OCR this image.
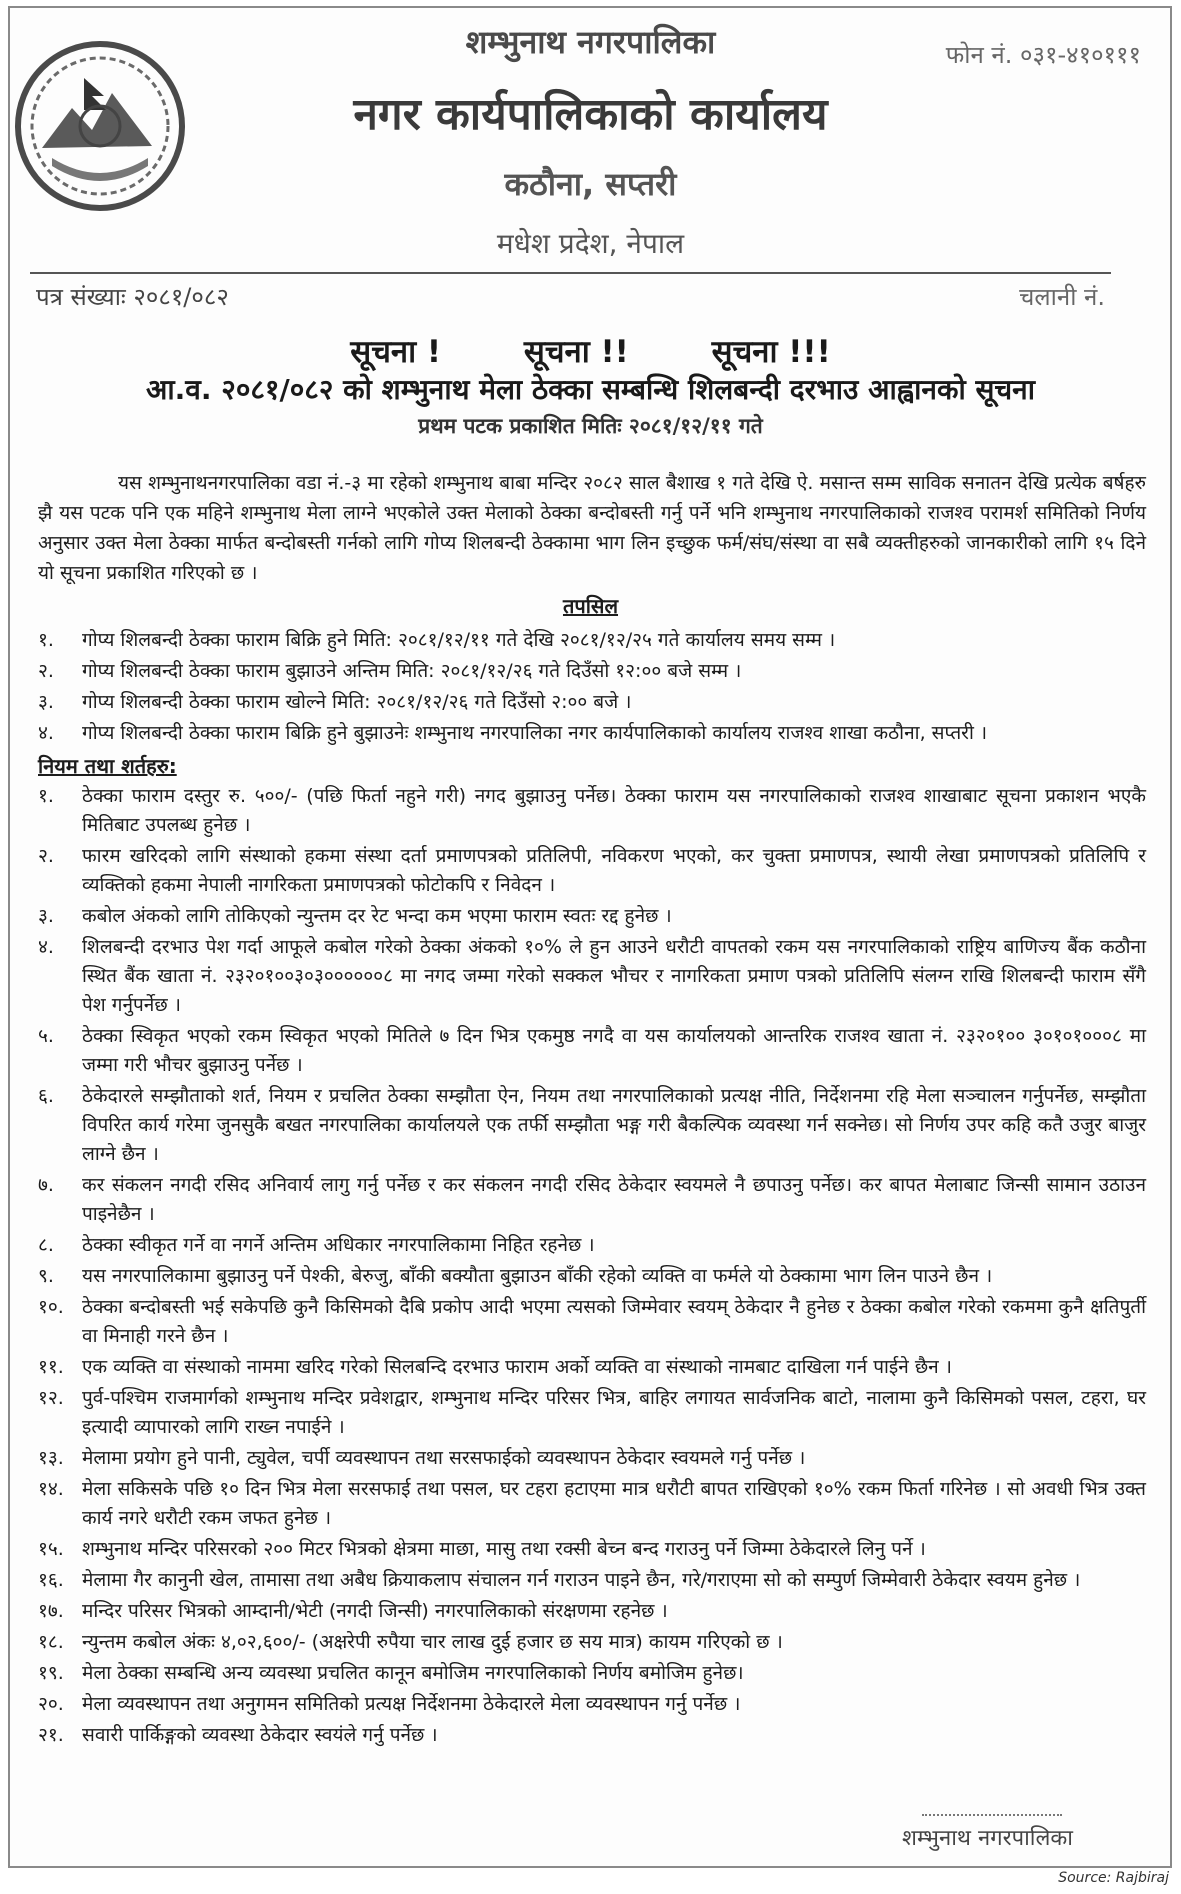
शम्भुनाथ नगरपालिका
नगर कार्यपालिकाको कार्यालय
कठौना, सप्तरी
मधेश प्रदेश, नेपाल
फोन नं. ०३१-४१०१११
पत्र संख्याः २०८१/०८२	चलानी नं.
सूचना !	सूचना !!	सूचना !!!
आ.व. २०८१/०८२ को शम्भुनाथ मेला ठेक्का सम्बन्धि शिलबन्दी दरभाउ आह्वानको सूचना
प्रथम पटक प्रकाशित मितिः २०८१/१२/११ गते
यस शम्भुनाथनगरपालिका वडा नं.-३ मा रहेको शम्भुनाथ बाबा मन्दिर २०८२ साल बैशाख १ गते देखि ऐ. मसान्त सम्म साविक सनातन देखि प्रत्येक बर्षहरु झै यस पटक पनि एक महिने शम्भुनाथ मेला लाग्ने भएकोले उक्त मेलाको ठेक्का बन्दोबस्ती गर्नु पर्ने भनि शम्भुनाथ नगरपालिकाको राजश्व परामर्श समितिको निर्णय अनुसार उक्त मेला ठेक्का मार्फत बन्दोबस्ती गर्नको लागि गोप्य शिलबन्दी ठेक्कामा भाग लिन इच्छुक फर्म/संघ/संस्था वा सबै व्यक्तीहरुको जानकारीको लागि १५ दिने यो सूचना प्रकाशित गरिएको छ ।
तपसिल
१.	गोप्य शिलबन्दी ठेक्का फाराम बिक्रि हुने मिति: २०८१/१२/११ गते देखि २०८१/१२/२५ गते कार्यालय समय सम्म ।
२.	गोप्य शिलबन्दी ठेक्का फाराम बुझाउने अन्तिम मिति: २०८१/१२/२६ गते दिउँसो १२:०० बजे सम्म ।
३.	गोप्य शिलबन्दी ठेक्का फाराम खोल्ने मिति: २०८१/१२/२६ गते दिउँसो २:०० बजे ।
४.	गोप्य शिलबन्दी ठेक्का फाराम बिक्रि हुने बुझाउनेः शम्भुनाथ नगरपालिका नगर कार्यपालिकाको कार्यालय राजश्व शाखा कठौना, सप्तरी ।
नियम तथा शर्तहरु:
१.	ठेक्का फाराम दस्तुर रु. ५००/- (पछि फिर्ता नहुने गरी) नगद बुझाउनु पर्नेछ। ठेक्का फाराम यस नगरपालिकाको राजश्व शाखाबाट सूचना प्रकाशन भएकै मितिबाट उपलब्ध हुनेछ ।
२.	फारम खरिदको लागि संस्थाको हकमा संस्था दर्ता प्रमाणपत्रको प्रतिलिपी, नविकरण भएको, कर चुक्ता प्रमाणपत्र, स्थायी लेखा प्रमाणपत्रको प्रतिलिपि र व्यक्तिको हकमा नेपाली नागरिकता प्रमाणपत्रको फोटोकपि र निवेदन ।
३.	कबोल अंकको लागि तोकिएको न्युन्तम दर रेट भन्दा कम भएमा फाराम स्वतः रद्द हुनेछ ।
४.	शिलबन्दी दरभाउ पेश गर्दा आफूले कबोल गरेको ठेक्का अंकको १०% ले हुन आउने धरौटी वापतको रकम यस नगरपालिकाको राष्ट्रिय बाणिज्य बैंक कठौना स्थित बैंक खाता नं. २३२०१००३०३००००००८ मा नगद जम्मा गरेको सक्कल भौचर र नागरिकता प्रमाण पत्रको प्रतिलिपि संलग्न राखि शिलबन्दी फाराम सँगै पेश गर्नुपर्नेछ ।
५.	ठेक्का स्विकृत भएको रकम स्विकृत भएको मितिले ७ दिन भित्र एकमुष्ठ नगदै वा यस कार्यालयको आन्तरिक राजश्व खाता नं. २३२०१०० ३०१०१०००८ मा जम्मा गरी भौचर बुझाउनु पर्नेछ ।
६.	ठेकेदारले सम्झौताको शर्त, नियम र प्रचलित ठेक्का सम्झौता ऐन, नियम तथा नगरपालिकाको प्रत्यक्ष नीति, निर्देशनमा रहि मेला सञ्चालन गर्नुपर्नेछ, सम्झौता विपरित कार्य गरेमा जुनसुकै बखत नगरपालिका कार्यालयले एक तर्फी सम्झौता भङ्ग गरी बैकल्पिक व्यवस्था गर्न सक्नेछ। सो निर्णय उपर कहि कतै उजुर बाजुर लाग्ने छैन ।
७.	कर संकलन नगदी रसिद अनिवार्य लागु गर्नु पर्नेछ र कर संकलन नगदी रसिद ठेकेदार स्वयमले नै छपाउनु पर्नेछ। कर बापत मेलाबाट जिन्सी सामान उठाउन पाइनेछैन ।
८.	ठेक्का स्वीकृत गर्ने वा नगर्ने अन्तिम अधिकार नगरपालिकामा निहित रहनेछ ।
९.	यस नगरपालिकामा बुझाउनु पर्ने पेश्की, बेरुजु, बाँकी बक्यौता बुझाउन बाँकी रहेको व्यक्ति वा फर्मले यो ठेक्कामा भाग लिन पाउने छैन ।
१०. ठेक्का बन्दोबस्ती भई सकेपछि कुनै किसिमको दैबि प्रकोप आदी भएमा त्यसको जिम्मेवार स्वयम् ठेकेदार नै हुनेछ र ठेक्का कबोल गरेको रकममा कुनै क्षतिपुर्ती वा मिनाही गरने छैन ।
११. एक व्यक्ति वा संस्थाको नाममा खरिद गरेको सिलबन्दि दरभाउ फाराम अर्को व्यक्ति वा संस्थाको नामबाट दाखिला गर्न पाईने छैन ।
१२. पुर्व-पश्चिम राजमार्गको शम्भुनाथ मन्दिर प्रवेशद्वार, शम्भुनाथ मन्दिर परिसर भित्र, बाहिर लगायत सार्वजनिक बाटो, नालामा कुनै किसिमको पसल, टहरा, घर इत्यादी व्यापारको लागि राख्न नपाईने ।
१३. मेलामा प्रयोग हुने पानी, ट्युवेल, चर्पी व्यवस्थापन तथा सरसफाईको व्यवस्थापन ठेकेदार स्वयमले गर्नु पर्नेछ ।
१४. मेला सकिसके पछि १० दिन भित्र मेला सरसफाई तथा पसल, घर टहरा हटाएमा मात्र धरौटी बापत राखिएको १०% रकम फिर्ता गरिनेछ । सो अवधी भित्र उक्त कार्य नगरे धरौटी रकम जफत हुनेछ ।
१५. शम्भुनाथ मन्दिर परिसरको २०० मिटर भित्रको क्षेत्रमा माछा, मासु तथा रक्सी बेच्न बन्द गराउनु पर्ने जिम्मा ठेकेदारले लिनु पर्ने ।
१६. मेलामा गैर कानुनी खेल, तामासा तथा अबैध क्रियाकलाप संचालन गर्न गराउन पाइने छैन, गरे/गराएमा सो को सम्पुर्ण जिम्मेवारी ठेकेदार स्वयम हुनेछ ।
१७. मन्दिर परिसर भित्रको आम्दानी/भेटी (नगदी जिन्सी) नगरपालिकाको संरक्षणमा रहनेछ ।
१८. न्युन्तम कबोल अंकः ४,०२,६००/- (अक्षरेपी रुपैया चार लाख दुई हजार छ सय मात्र) कायम गरिएको छ ।
१९. मेला ठेक्का सम्बन्धि अन्य व्यवस्था प्रचलित कानून बमोजिम नगरपालिकाको निर्णय बमोजिम हुनेछ।
२०. मेला व्यवस्थापन तथा अनुगमन समितिको प्रत्यक्ष निर्देशनमा ठेकेदारले मेला व्यवस्थापन गर्नु पर्नेछ ।
२१. सवारी पार्किङ्गको व्यवस्था ठेकेदार स्वयंले गर्नु पर्नेछ ।
शम्भुनाथ नगरपालिका
Source: Rajbiraj
